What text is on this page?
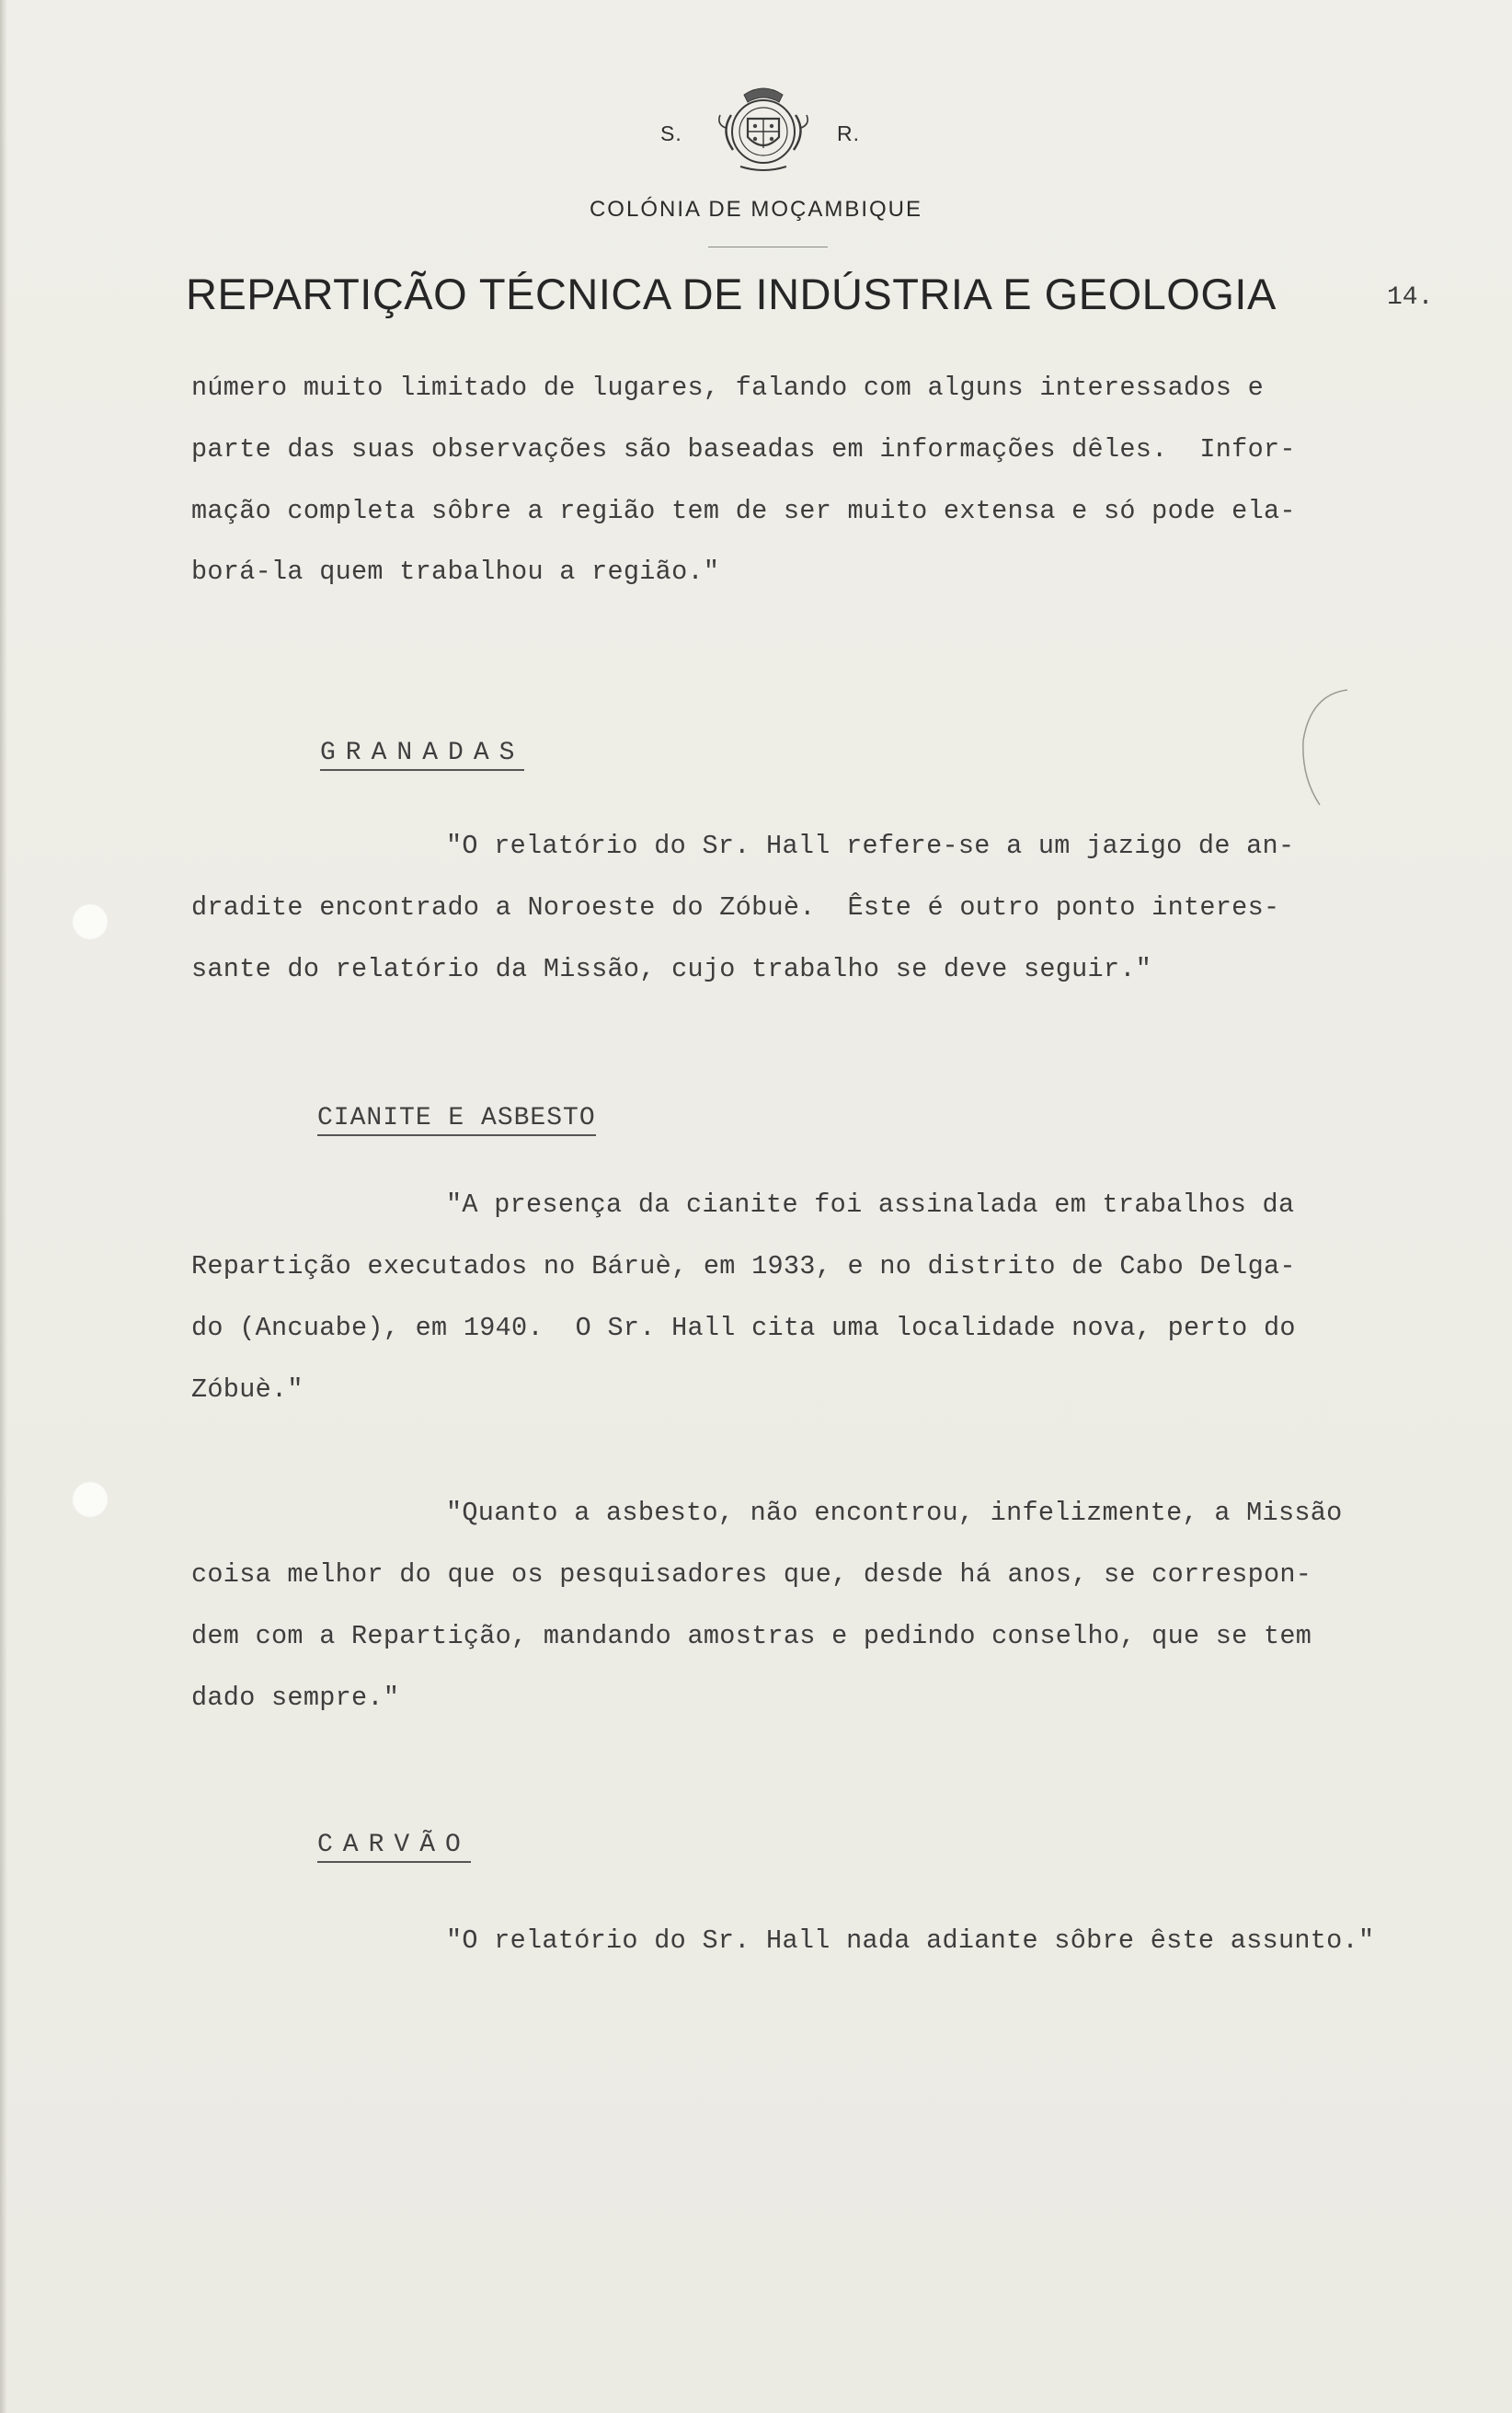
S.	R.
COLÓNIA DE MOÇAMBIQUE
REPARTIÇÃO TÉCNICA DE INDÚSTRIA E GEOLOGIA	14.
número muito limitado de lugares, falando com alguns interessados e
parte das suas observações são baseadas em informações dêles.  Infor-
mação completa sôbre a região tem de ser muito extensa e só pode ela-
borá-la quem trabalhou a região."
GRANADAS
"O relatório do Sr. Hall refere-se a um jazigo de an-
dradite encontrado a Noroeste do Zóbuè.  Êste é outro ponto interes-
sante do relatório da Missão, cujo trabalho se deve seguir."
CIANITE E ASBESTO
"A presença da cianite foi assinalada em trabalhos da
Repartição executados no Báruè, em 1933, e no distrito de Cabo Delga-
do (Ancuabe), em 1940.  O Sr. Hall cita uma localidade nova, perto do
Zóbuè."
"Quanto a asbesto, não encontrou, infelizmente, a Missão
coisa melhor do que os pesquisadores que, desde há anos, se correspon-
dem com a Repartição, mandando amostras e pedindo conselho, que se tem
dado sempre."
CARVÃO
"O relatório do Sr. Hall nada adiante sôbre êste assunto."
